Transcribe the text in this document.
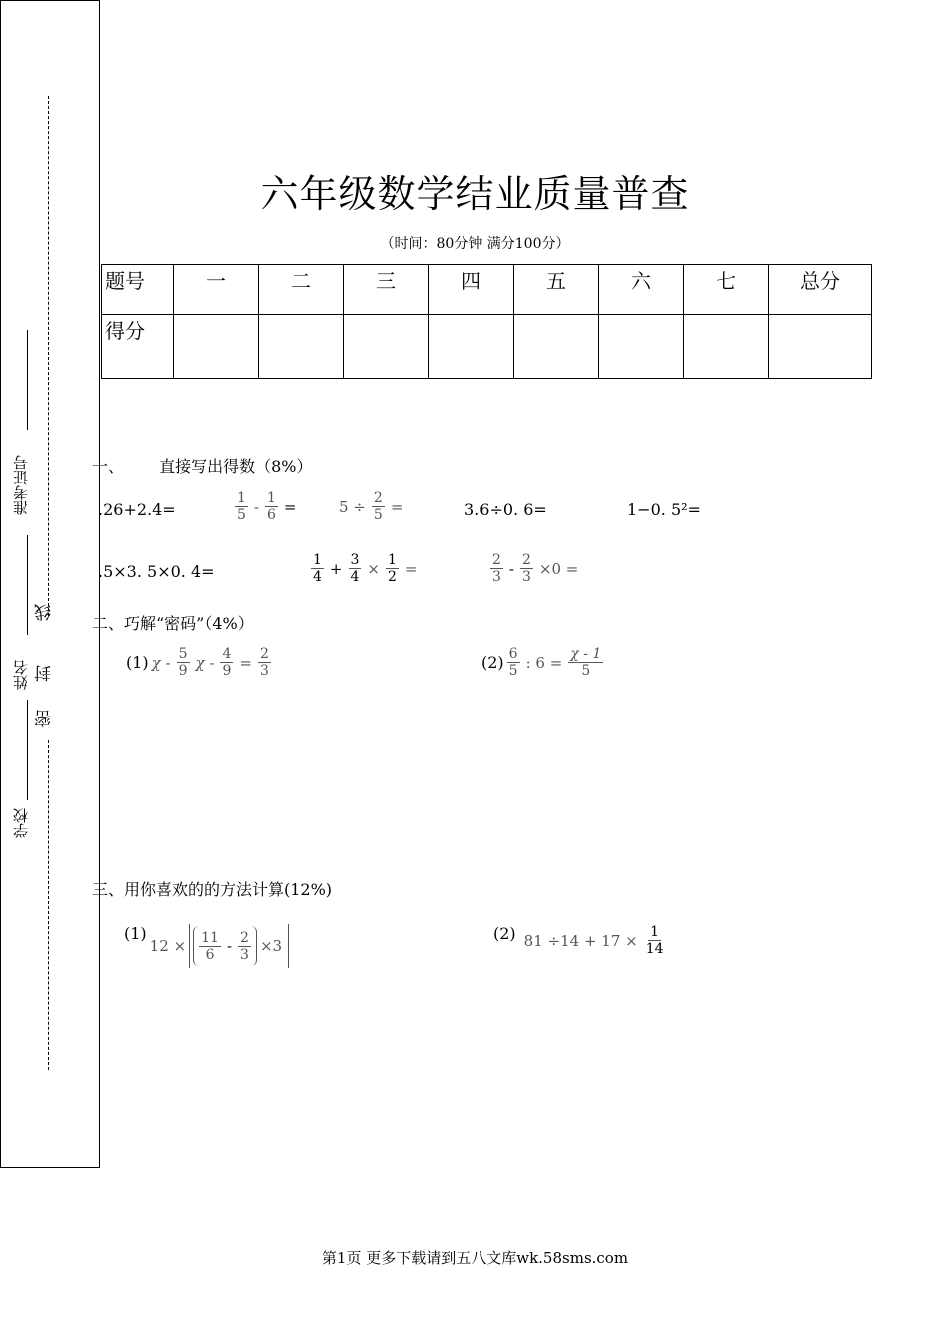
准考证号
姓名
学校
线
封
密
六年级数学结业质量普查
（时间：80分钟 满分100分）
题号	一	二	三	四	五	六	七	总分
得分								
一、 直接写出得数（8%）
.26+2.4=	$\frac{1}{5} - \frac{1}{6}$ =	$5 \div \frac{2}{5}$ =	3.6÷0. 6=	1−0. 5²=
.5×3. 5×0. 4=	$\frac{1}{4} + \frac{3}{4} \times \frac{1}{2}$ =	$\frac{2}{3} - \frac{2}{3} \times 0$ =
二、巧解“密码”（4%）
(1) χ - $\frac{5}{9}$ $\chi - \frac{4}{9} = \frac{2}{3}$	$(2) \frac{6}{5}$ : $6 = \frac{\chi - 1}{5}$
三、用你喜欢的的方法计算(12%)
(1)
$12 \times \frac{11}{6} - \frac{2}{3} \times 3$
(2) $81 \div 14 + 17 \times \frac{1}{14}$
第1页 更多下载请到五八文库wk.58sms.com
